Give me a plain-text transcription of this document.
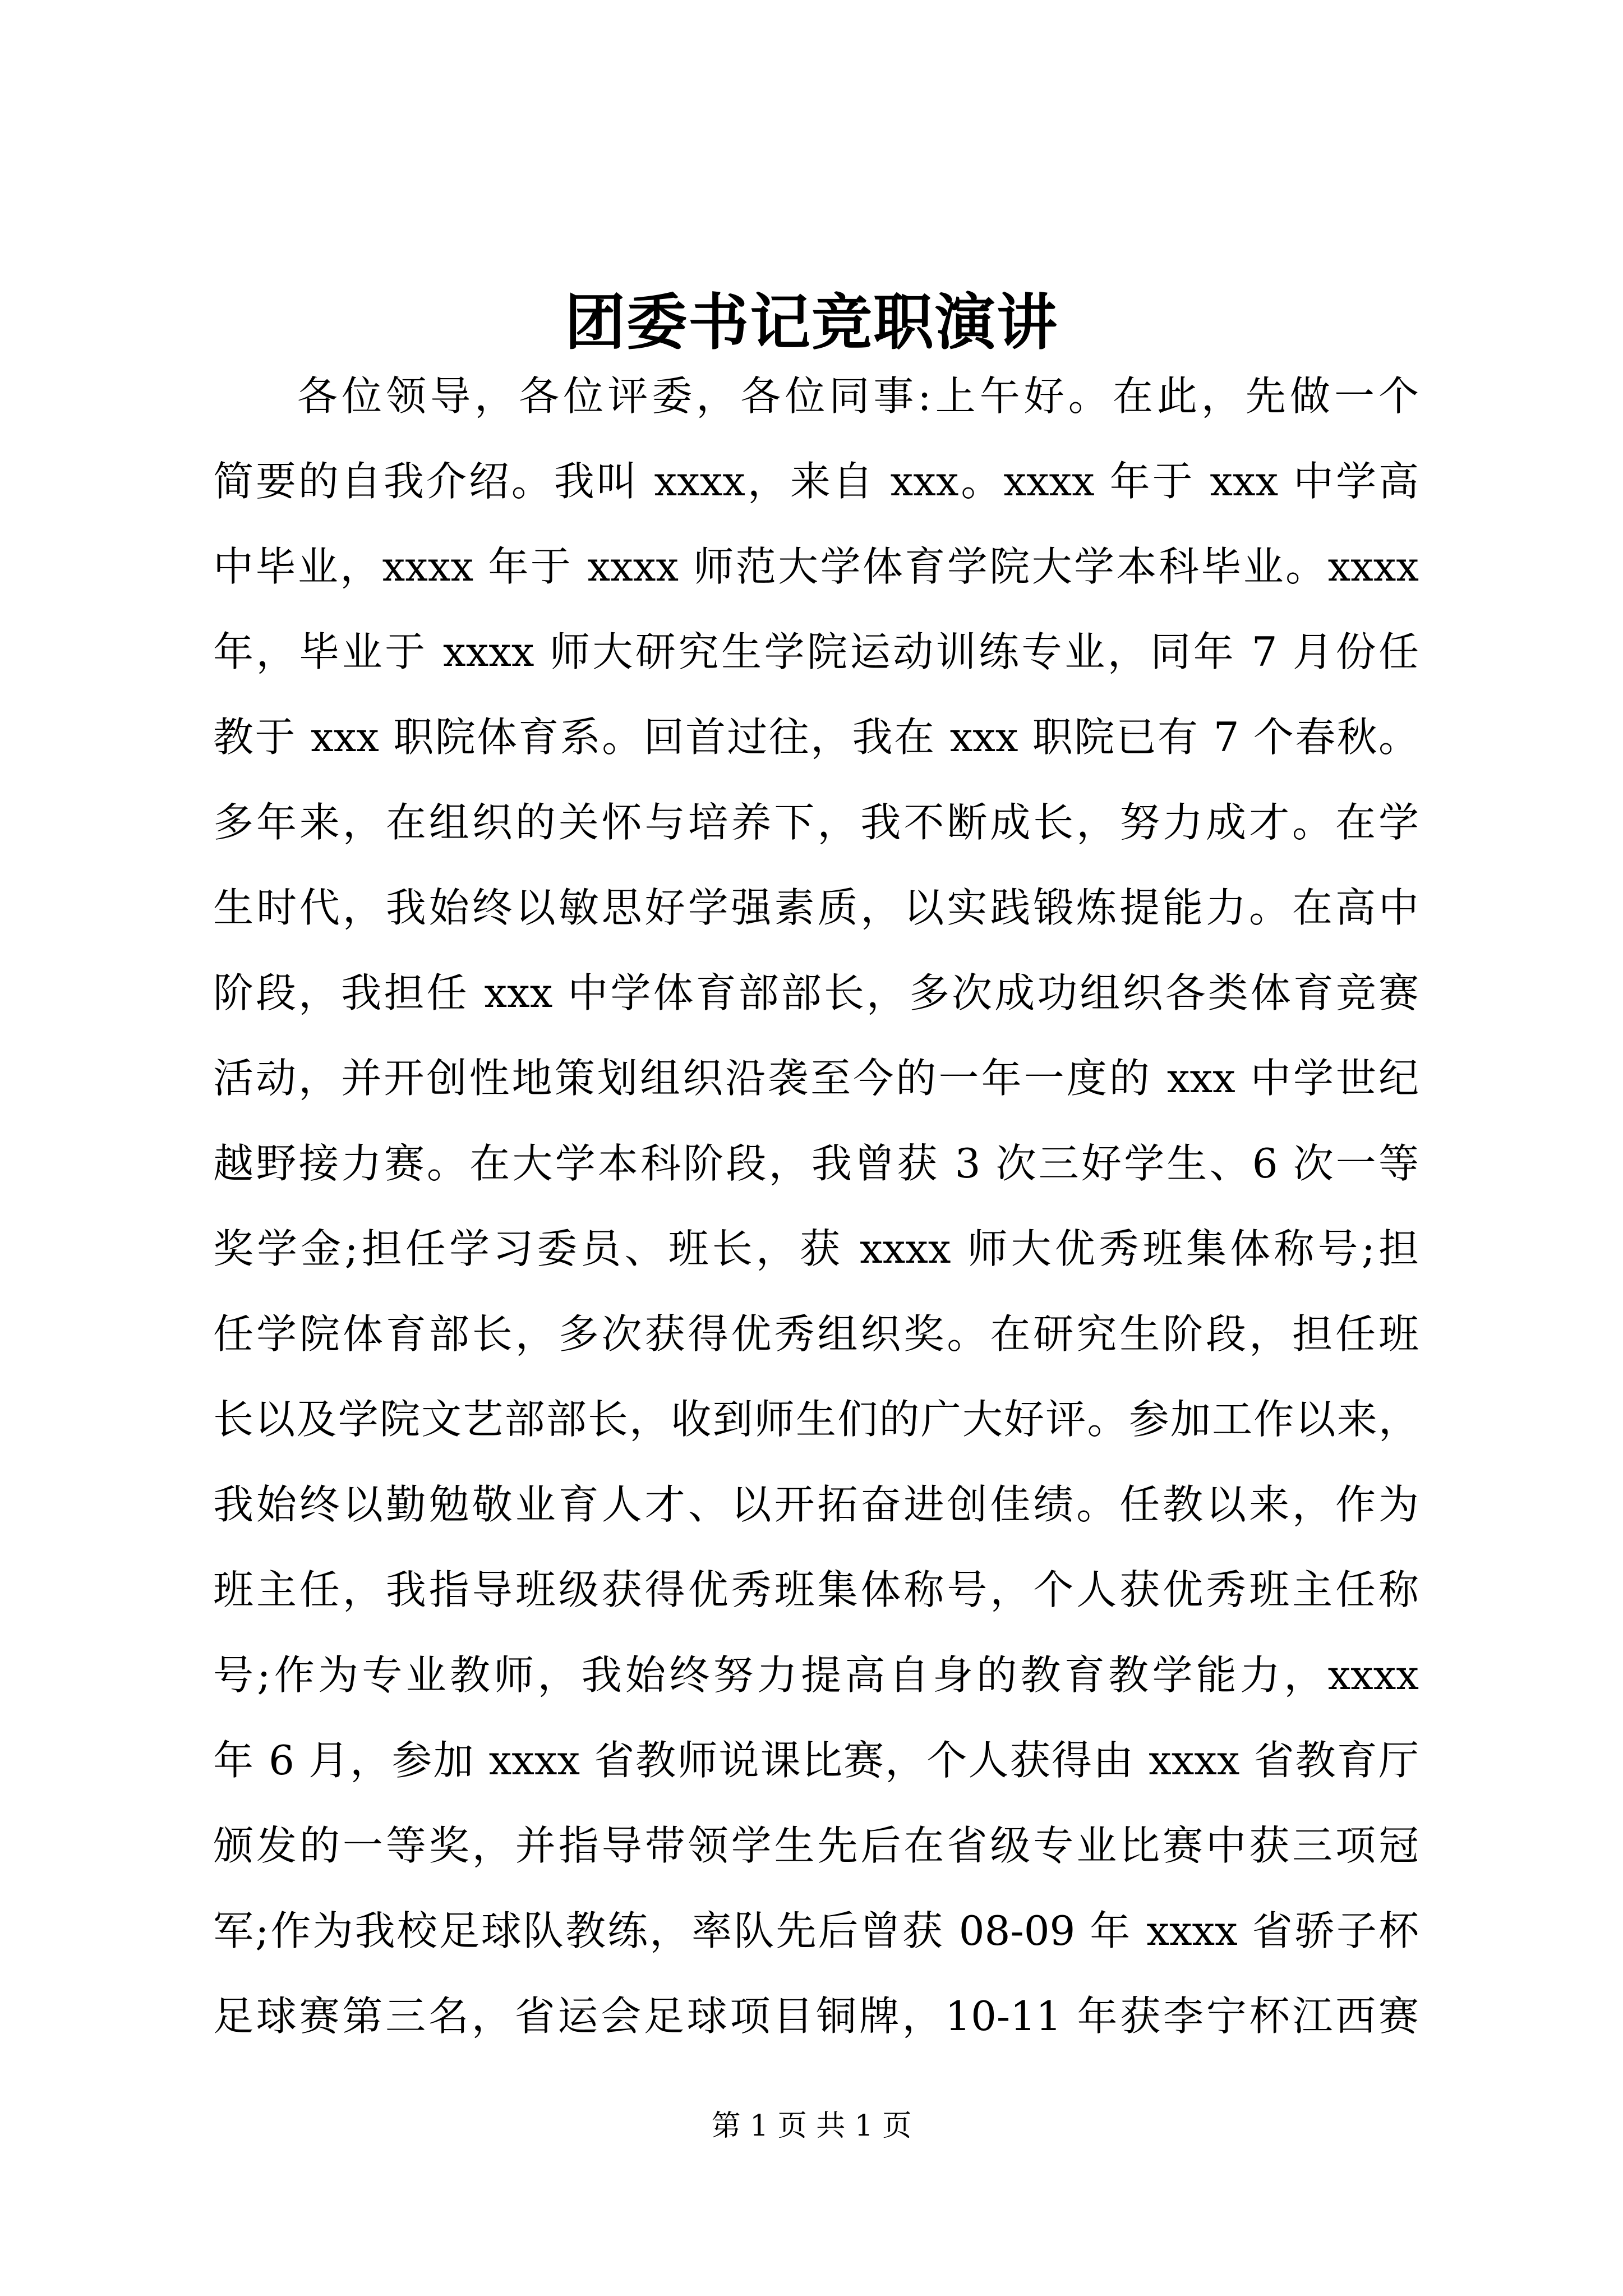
团委书记竞职演讲
各位领导，各位评委，各位同事:上午好。在此，先做一个
简要的自我介绍。我叫 xxxx，来自 xxx。xxxx 年于 xxx 中学高
中毕业，xxxx 年于 xxxx 师范大学体育学院大学本科毕业。xxxx
年，毕业于 xxxx 师大研究生学院运动训练专业，同年 7 月份任
教于 xxx 职院体育系。回首过往，我在 xxx 职院已有 7 个春秋。
多年来，在组织的关怀与培养下，我不断成长，努力成才。在学
生时代，我始终以敏思好学强素质，以实践锻炼提能力。在高中
阶段，我担任 xxx 中学体育部部长，多次成功组织各类体育竞赛
活动，并开创性地策划组织沿袭至今的一年一度的 xxx 中学世纪
越野接力赛。在大学本科阶段，我曾获 3 次三好学生、6 次一等
奖学金;担任学习委员、班长，获 xxxx 师大优秀班集体称号;担
任学院体育部长，多次获得优秀组织奖。在研究生阶段，担任班
长以及学院文艺部部长，收到师生们的广大好评。参加工作以来，
我始终以勤勉敬业育人才、以开拓奋进创佳绩。任教以来，作为
班主任，我指导班级获得优秀班集体称号，个人获优秀班主任称
号;作为专业教师，我始终努力提高自身的教育教学能力，xxxx
年 6 月，参加 xxxx 省教师说课比赛，个人获得由 xxxx 省教育厅
颁发的一等奖，并指导带领学生先后在省级专业比赛中获三项冠
军;作为我校足球队教练，率队先后曾获 08-09 年 xxxx 省骄子杯
足球赛第三名，省运会足球项目铜牌，10-11 年获李宁杯江西赛
第 1 页 共 1 页
